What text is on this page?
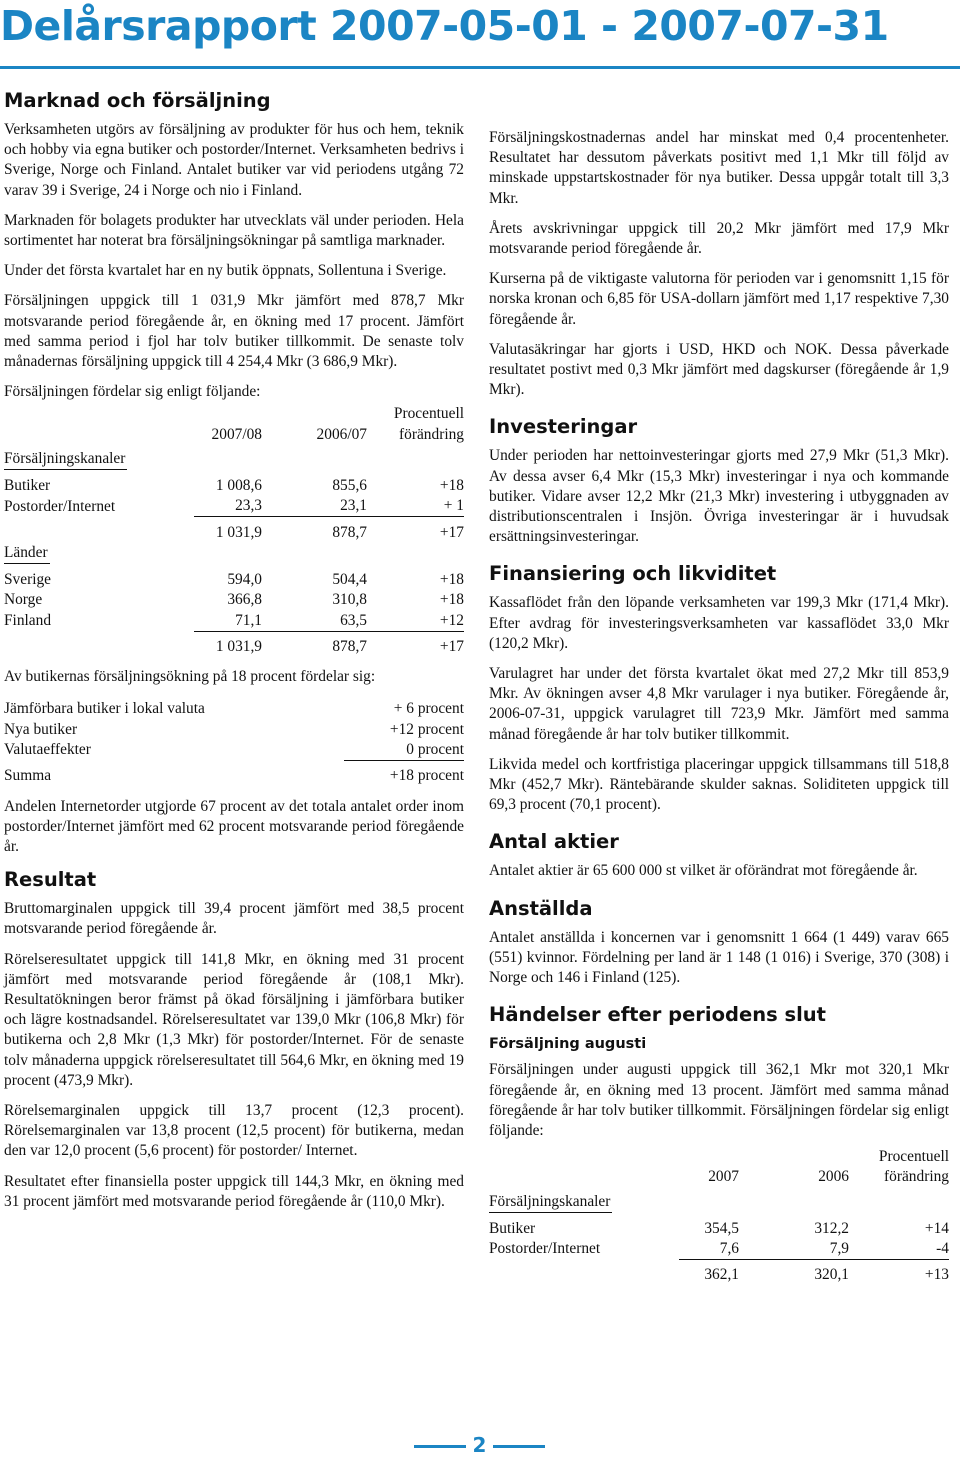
Delårsrapport 2007-05-01 - 2007-07-31
Marknad och försäljning

Verksamheten utgörs av försäljning av produkter för hus och hem, teknik och hobby via egna butiker och postorder/Internet. Verksamheten bedrivs i Sverige, Norge och Finland. Antalet butiker var vid periodens utgång 72 varav 39 i Sverige, 24 i Norge och nio i Finland.

Marknaden för bolagets produkter har utvecklats väl under perioden. Hela sortimentet har noterat bra försäljningsökningar på samtliga marknader.

Under det första kvartalet har en ny butik öppnats, Sollentuna i Sverige.

Försäljningen uppgick till 1 031,9 Mkr jämfört med 878,7 Mkr motsvarande period föregående år, en ökning med 17 procent. Jämfört med samma period i fjol har tolv butiker tillkommit. De senaste tolv månadernas försäljning uppgick till 4 254,4 Mkr (3 686,9 Mkr).

Försäljningen fördelar sig enligt följande:

	2007/08	2006/07	Procentuell förändring
Försäljningskanaler			

Butiker	1 008,6	855,6	+18
Postorder/Internet	23,3	23,1	+ 1
	1 031,9	878,7	+17
Länder			

Sverige	594,0	504,4	+18
Norge	366,8	310,8	+18
Finland	71,1	63,5	+12
	1 031,9	878,7	+17

Av butikernas försäljningsökning på 18 procent fördelar sig:

Jämförbara butiker i lokal valuta	+ 6 procent
Nya butiker	+12 procent
Valutaeffekter	0 procent
Summa	+18 procent

Andelen Internetorder utgjorde 67 procent av det totala antalet order inom postorder/Internet jämfört med 62 procent motsvarande period föregående år.

Resultat

Bruttomarginalen uppgick till 39,4 procent jämfört med 38,5 procent motsvarande period föregående år.

Rörelseresultatet uppgick till 141,8 Mkr, en ökning med 31 procent jämfört med motsvarande period föregående år (108,1 Mkr). Resultatökningen beror främst på ökad försäljning i jämförbara butiker och lägre kostnadsandel. Rörelseresultatet var 139,0 Mkr (106,8 Mkr) för butikerna och 2,8 Mkr (1,3 Mkr) för postorder/Internet. För de senaste tolv månaderna uppgick rörelseresultatet till 564,6 Mkr, en ökning med 19 procent (473,9 Mkr).

Rörelsemarginalen uppgick till 13,7 procent (12,3 procent). Rörelsemarginalen var 13,8 procent (12,5 procent) för butikerna, medan den var 12,0 procent (5,6 procent) för postorder/ Internet.

Resultatet efter finansiella poster uppgick till 144,3 Mkr, en ökning med 31 procent jämfört med motsvarande period föregående år (110,0 Mkr).

Försäljningskostnadernas andel har minskat med 0,4 procentenheter. Resultatet har dessutom påverkats positivt med 1,1 Mkr till följd av minskade uppstartskostnader för nya butiker. Dessa uppgår totalt till 3,3 Mkr.

Årets avskrivningar uppgick till 20,2 Mkr jämfört med 17,9 Mkr motsvarande period föregående år.

Kurserna på de viktigaste valutorna för perioden var i genomsnitt 1,15 för norska kronan och 6,85 för USA-dollarn jämfört med 1,17 respektive 7,30 föregående år.

Valutasäkringar har gjorts i USD, HKD och NOK. Dessa påverkade resultatet postivt med 0,3 Mkr jämfört med dagskurser (föregående år 1,9 Mkr).

Investeringar

Under perioden har nettoinvesteringar gjorts med 27,9 Mkr (51,3 Mkr). Av dessa avser 6,4 Mkr (15,3 Mkr) investeringar i nya och kommande butiker. Vidare avser 12,2 Mkr (21,3 Mkr) investering i utbyggnaden av distributionscentralen i Insjön. Övriga investeringar är i huvudsak ersättningsinvesteringar.

Finansiering och likviditet

Kassaflödet från den löpande verksamheten var 199,3 Mkr (171,4 Mkr). Efter avdrag för investeringsverksamheten var kassaflödet 33,0 Mkr (120,2 Mkr).

Varulagret har under det första kvartalet ökat med 27,2 Mkr till 853,9 Mkr. Av ökningen avser 4,8 Mkr varulager i nya butiker. Föregående år, 2006-07-31, uppgick varulagret till 723,9 Mkr. Jämfört med samma månad föregående år har tolv butiker tillkommit.

Likvida medel och kortfristiga placeringar uppgick tillsammans till 518,8 Mkr (452,7 Mkr). Räntebärande skulder saknas. Soliditeten uppgick till 69,3 procent (70,1 procent).

Antal aktier

Antalet aktier är 65 600 000 st vilket är oförändrat mot föregående år.

Anställda

Antalet anställda i koncernen var i genomsnitt 1 664 (1 449) varav 665 (551) kvinnor. Fördelning per land är 1 148 (1 016) i Sverige, 370 (308) i Norge och 146 i Finland (125).

Händelser efter periodens slut
Försäljning augusti

Försäljningen under augusti uppgick till 362,1 Mkr mot 320,1 Mkr föregående år, en ökning med 13 procent. Jämfört med samma månad föregående år har tolv butiker tillkommit. Försäljningen fördelar sig enligt följande:

	2007	2006	Procentuell förändring
Försäljningskanaler			

Butiker	354,5	312,2	+14
Postorder/Internet	7,6	7,9	-4
	362,1	320,1	+13
2
